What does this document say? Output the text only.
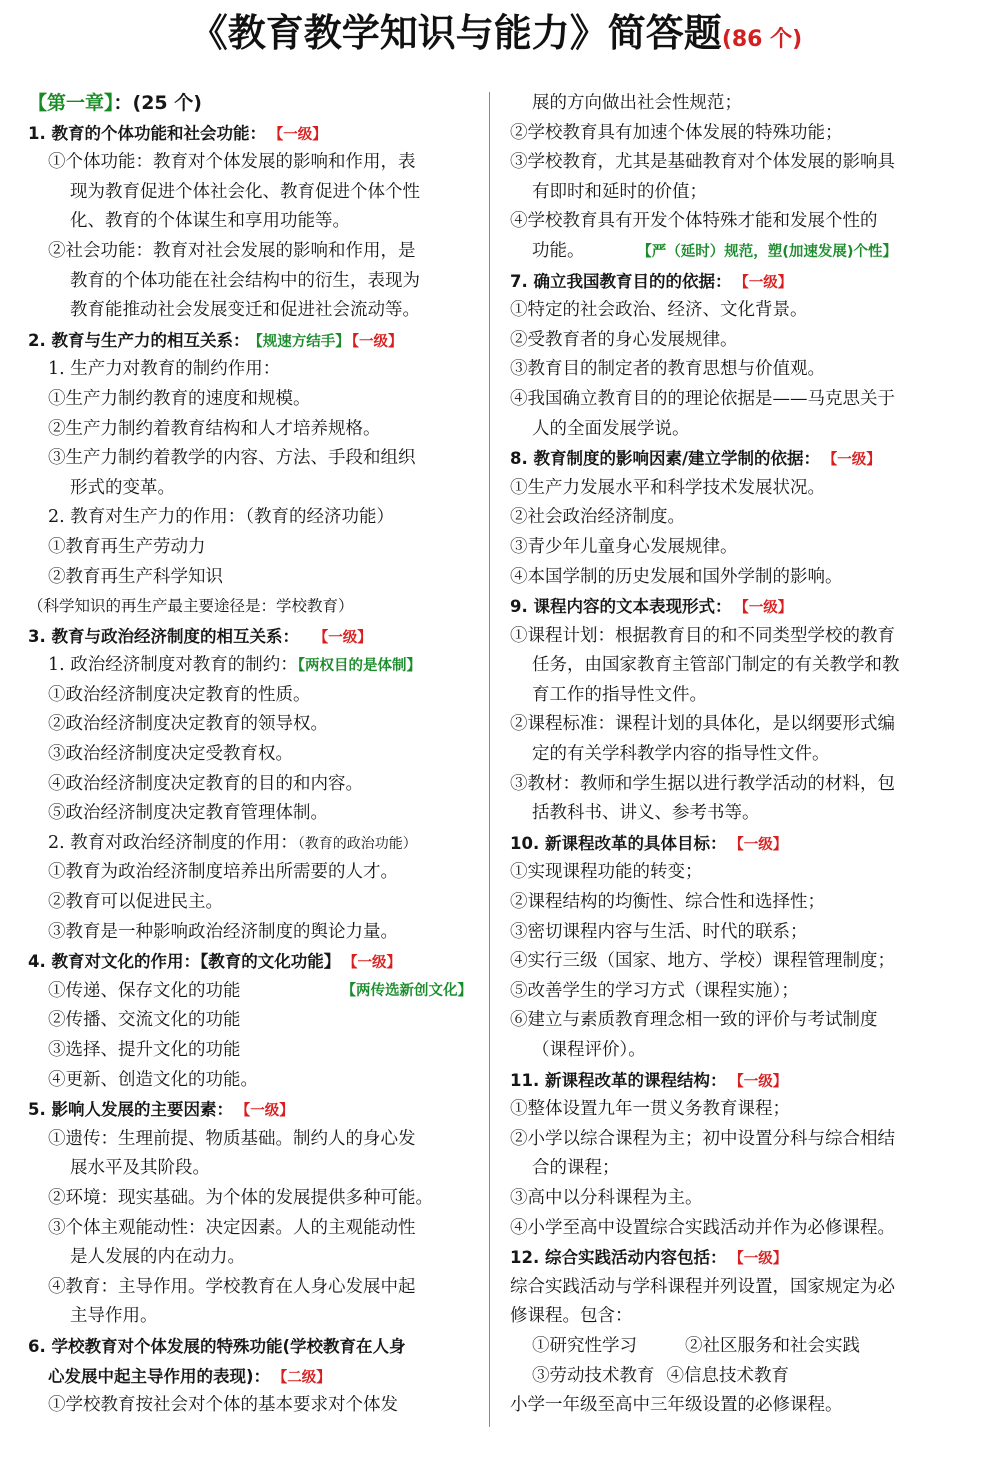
《教育教学知识与能力》简答题(86 个)
【第一章】：(25 个)
1. 教育的个体功能和社会功能： 【一级】
①个体功能：教育对个体发展的影响和作用，表
现为教育促进个体社会化、教育促进个体个性
化、教育的个体谋生和享用功能等。
②社会功能：教育对社会发展的影响和作用，是
教育的个体功能在社会结构中的衍生，表现为
教育能推动社会发展变迁和促进社会流动等。
2. 教育与生产力的相互关系： 【规速方结手】 【一级】
1. 生产力对教育的制约作用：
①生产力制约教育的速度和规模。
②生产力制约着教育结构和人才培养规格。
③生产力制约着教学的内容、方法、手段和组织
形式的变革。
2. 教育对生产力的作用：（教育的经济功能）
①教育再生产劳动力
②教育再生产科学知识
（科学知识的再生产最主要途径是：学校教育）
3. 教育与政治经济制度的相互关系： 【一级】
1. 政治经济制度对教育的制约：【两权目的是体制】
①政治经济制度决定教育的性质。
②政治经济制度决定教育的领导权。
③政治经济制度决定受教育权。
④政治经济制度决定教育的目的和内容。
⑤政治经济制度决定教育管理体制。
2. 教育对政治经济制度的作用：（教育的政治功能）
①教育为政治经济制度培养出所需要的人才。
②教育可以促进民主。
③教育是一种影响政治经济制度的舆论力量。
4. 教育对文化的作用：【教育的文化功能】 【一级】
①传递、保存文化的功能	【两传选新创文化】
②传播、交流文化的功能
③选择、提升文化的功能
④更新、创造文化的功能。
5. 影响人发展的主要因素： 【一级】
①遗传：生理前提、物质基础。制约人的身心发
展水平及其阶段。
②环境：现实基础。为个体的发展提供多种可能。
③个体主观能动性：决定因素。人的主观能动性
是人发展的内在动力。
④教育：主导作用。学校教育在人身心发展中起
主导作用。
6. 学校教育对个体发展的特殊功能(学校教育在人身
心发展中起主导作用的表现)： 【二级】
①学校教育按社会对个体的基本要求对个体发
展的方向做出社会性规范；
②学校教育具有加速个体发展的特殊功能；
③学校教育，尤其是基础教育对个体发展的影响具
有即时和延时的价值；
④学校教育具有开发个体特殊才能和发展个性的
功能。	【严（延时）规范，塑(加速发展)个性】
7. 确立我国教育目的的依据： 【一级】
①特定的社会政治、经济、文化背景。
②受教育者的身心发展规律。
③教育目的制定者的教育思想与价值观。
④我国确立教育目的的理论依据是——马克思关于
人的全面发展学说。
8. 教育制度的影响因素/建立学制的依据： 【一级】
①生产力发展水平和科学技术发展状况。
②社会政治经济制度。
③青少年儿童身心发展规律。
④本国学制的历史发展和国外学制的影响。
9. 课程内容的文本表现形式： 【一级】
①课程计划：根据教育目的和不同类型学校的教育
任务，由国家教育主管部门制定的有关教学和教
育工作的指导性文件。
②课程标准：课程计划的具体化，是以纲要形式编
定的有关学科教学内容的指导性文件。
③教材：教师和学生据以进行教学活动的材料，包
括教科书、讲义、参考书等。
10. 新课程改革的具体目标： 【一级】
①实现课程功能的转变；
②课程结构的均衡性、综合性和选择性；
③密切课程内容与生活、时代的联系；
④实行三级（国家、地方、学校）课程管理制度；
⑤改善学生的学习方式（课程实施）；
⑥建立与素质教育理念相一致的评价与考试制度
（课程评价）。
11. 新课程改革的课程结构： 【一级】
①整体设置九年一贯义务教育课程；
②小学以综合课程为主；初中设置分科与综合相结
合的课程；
③高中以分科课程为主。
④小学至高中设置综合实践活动并作为必修课程。
12. 综合实践活动内容包括： 【一级】
综合实践活动与学科课程并列设置，国家规定为必
修课程。包含：
①研究性学习	②社区服务和社会实践
③劳动技术教育 ④信息技术教育
小学一年级至高中三年级设置的必修课程。
